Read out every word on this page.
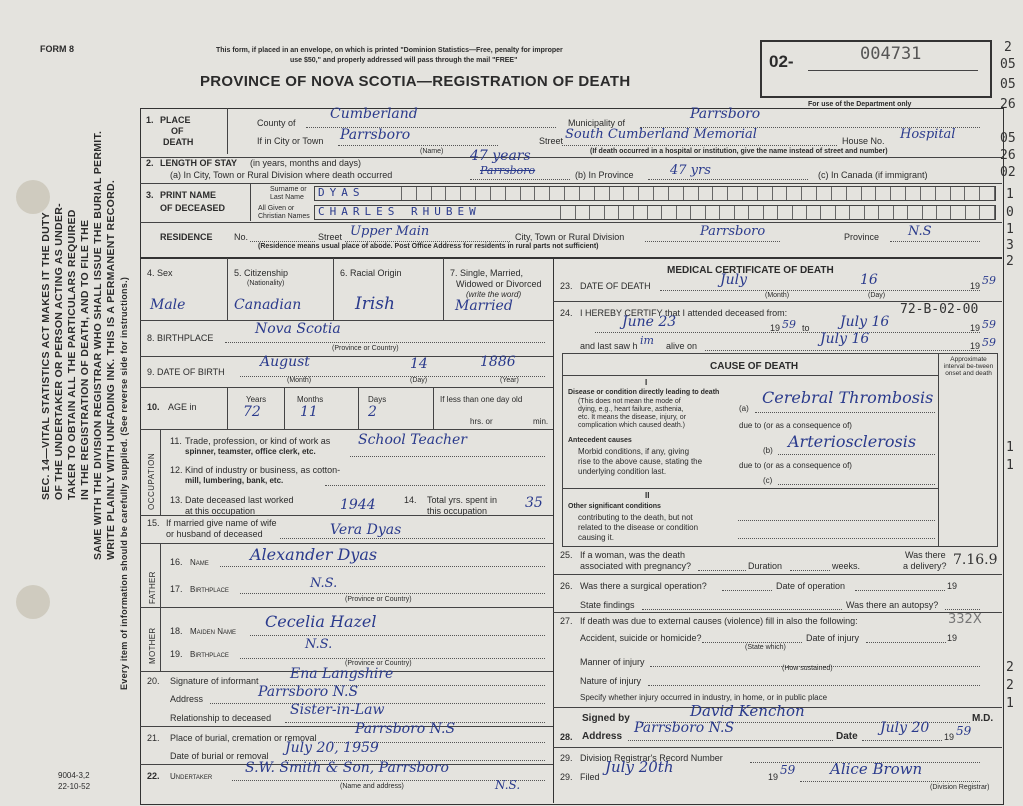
FORM 8	This form, if placed in an envelope, on which is printed "Dominion Statistics—Free, penalty for improper
use $50," and properly addressed will pass through the mail "FREE"
PROVINCE OF NOVA SCOTIA—REGISTRATION OF DEATH
02-	004731
For use of the Department only
SEC. 14—VITAL STATISTICS ACT MAKES IT THE DUTY OF THE UNDERTAKER OR PERSON ACTING AS UNDER- TAKER TO OBTAIN ALL THE PARTICULARS REQUIRED IN THE REGISTRATION OF DEATH, AND TO FILE THE SAME WITH THE DIVISION REGISTRAR WHO SHALL ISSUE THE BURIAL PERMIT. WRITE PLAINLY WITH UNFADING INK. THIS IS A PERMANENT RECORD. Every item of information should be carefully supplied. (See reverse side for instructions.)
9004-3,2
22-10-52
1. PLACE
OF
DEATH
County of
Cumberland
Municipality of
Parrsboro
If in City or Town Parrsboro
(Name)
Street South Cumberland Memorial	House No. Hospital
(If death occurred in a hospital or institution, give the name instead of street and number)
2. LENGTH OF STAY (in years, months and days)
(a) In City, Town or Rural Division where death occurred
47 years
Parrsboro	(b) In Province	47 yrs	(c) In Canada (if immigrant)
3. PRINT NAME
OF DECEASED
Surname or
Last Name
All Given or
Christian Names
DYAS
CHARLES RHUBEW
RESIDENCE No.	Street Upper Main	City, Town or Rural Division	Parrsboro	Province N.S
(Residence means usual place of abode. Post Office Address for residents in rural parts not sufficient)
4. Sex	5. Citizenship
(Nationality)
6. Racial Origin	7. Single, Married,
Widowed or Divorced
(write the word)
Male	Canadian	Irish	Married
8. BIRTHPLACE
Nova Scotia
(Province or Country)
9. DATE OF BIRTH
August	14	1886
(Month)	(Day)	(Year)
10. AGE in
Years	Months	Days	If less than one day old
hrs. or	min.
72	11	2
OCCUPATION
11. Trade, profession, or kind of work as
spinner, teamster, office clerk, etc.
School Teacher
12. Kind of industry or business, as cotton-
mill, lumbering, bank, etc.
13. Date deceased last worked
at this occupation	1944	14. Total yrs. spent in
this occupation	35
15. If married give name of wife
or husband of deceased	Vera Dyas
FATHER
MOTHER
16. Name	Alexander Dyas
17. Birthplace	N.S.
(Province or Country)
18. Maiden Name
Cecelia Hazel
19. Birthplace
N.S.
(Province or Country)
20. Signature of informant Ena Langshire
Address	Parrsboro N.S
Relationship to deceased Sister-in-Law
21. Place of burial, cremation or removal
Parrsboro N.S
Date of burial or removal July 20, 1959
22. Undertaker
S.W. Smith & Son, Parrsboro
N.S.
(Name and address)
MEDICAL CERTIFICATE OF DEATH
23. DATE OF DEATH	July	16	19 59
(Month)	(Day)
24. I HEREBY CERTIFY that I attended deceased from:	72-B-02-00
June 23	19 59 to July 16	19 59
and last saw h im alive on	July 16	19 59
CAUSE OF DEATH
Approximate interval be-tween onset and death
I
Disease or condition directly leading to death
(This does not mean the mode of
dying, e.g., heart failure, asthenia,
etc. It means the disease, injury, or
complication which caused death.)
(a)
Cerebral Thrombosis
due to (or as a consequence of)
Antecedent causes
Morbid conditions, if any, giving
rise to the above cause, stating the
underlying condition last.
(b) Arteriosclerosis
due to (or as a consequence of)
(c)
II
Other significant conditions
contributing to the death, but not
related to the disease or condition
causing it.
25. If a woman, was the death
associated with pregnancy?	Duration	weeks.
Was there
a delivery? 7.16.9
26. Was there a surgical operation?	Date of operation	19
State findings	Was there an autopsy?
27. If death was due to external causes (violence) fill in also the following:	332X
Accident, suicide or homicide?	Date of injury	19
(State which)
Manner of injury
(How sustained)
Nature of injury
Specify whether injury occurred in industry, in home, or in public place
Signed by	David Kenchon	M.D.
28. Address
Parrsboro N.S
Date
July 20
19 59
29. Division Registrar's Record Number
29. Filed
July 20th
19 59 Alice Brown
(Division Registrar)
2
05
05
26
05
26
02
1
0
1
3
2
1
1
2
2
1
